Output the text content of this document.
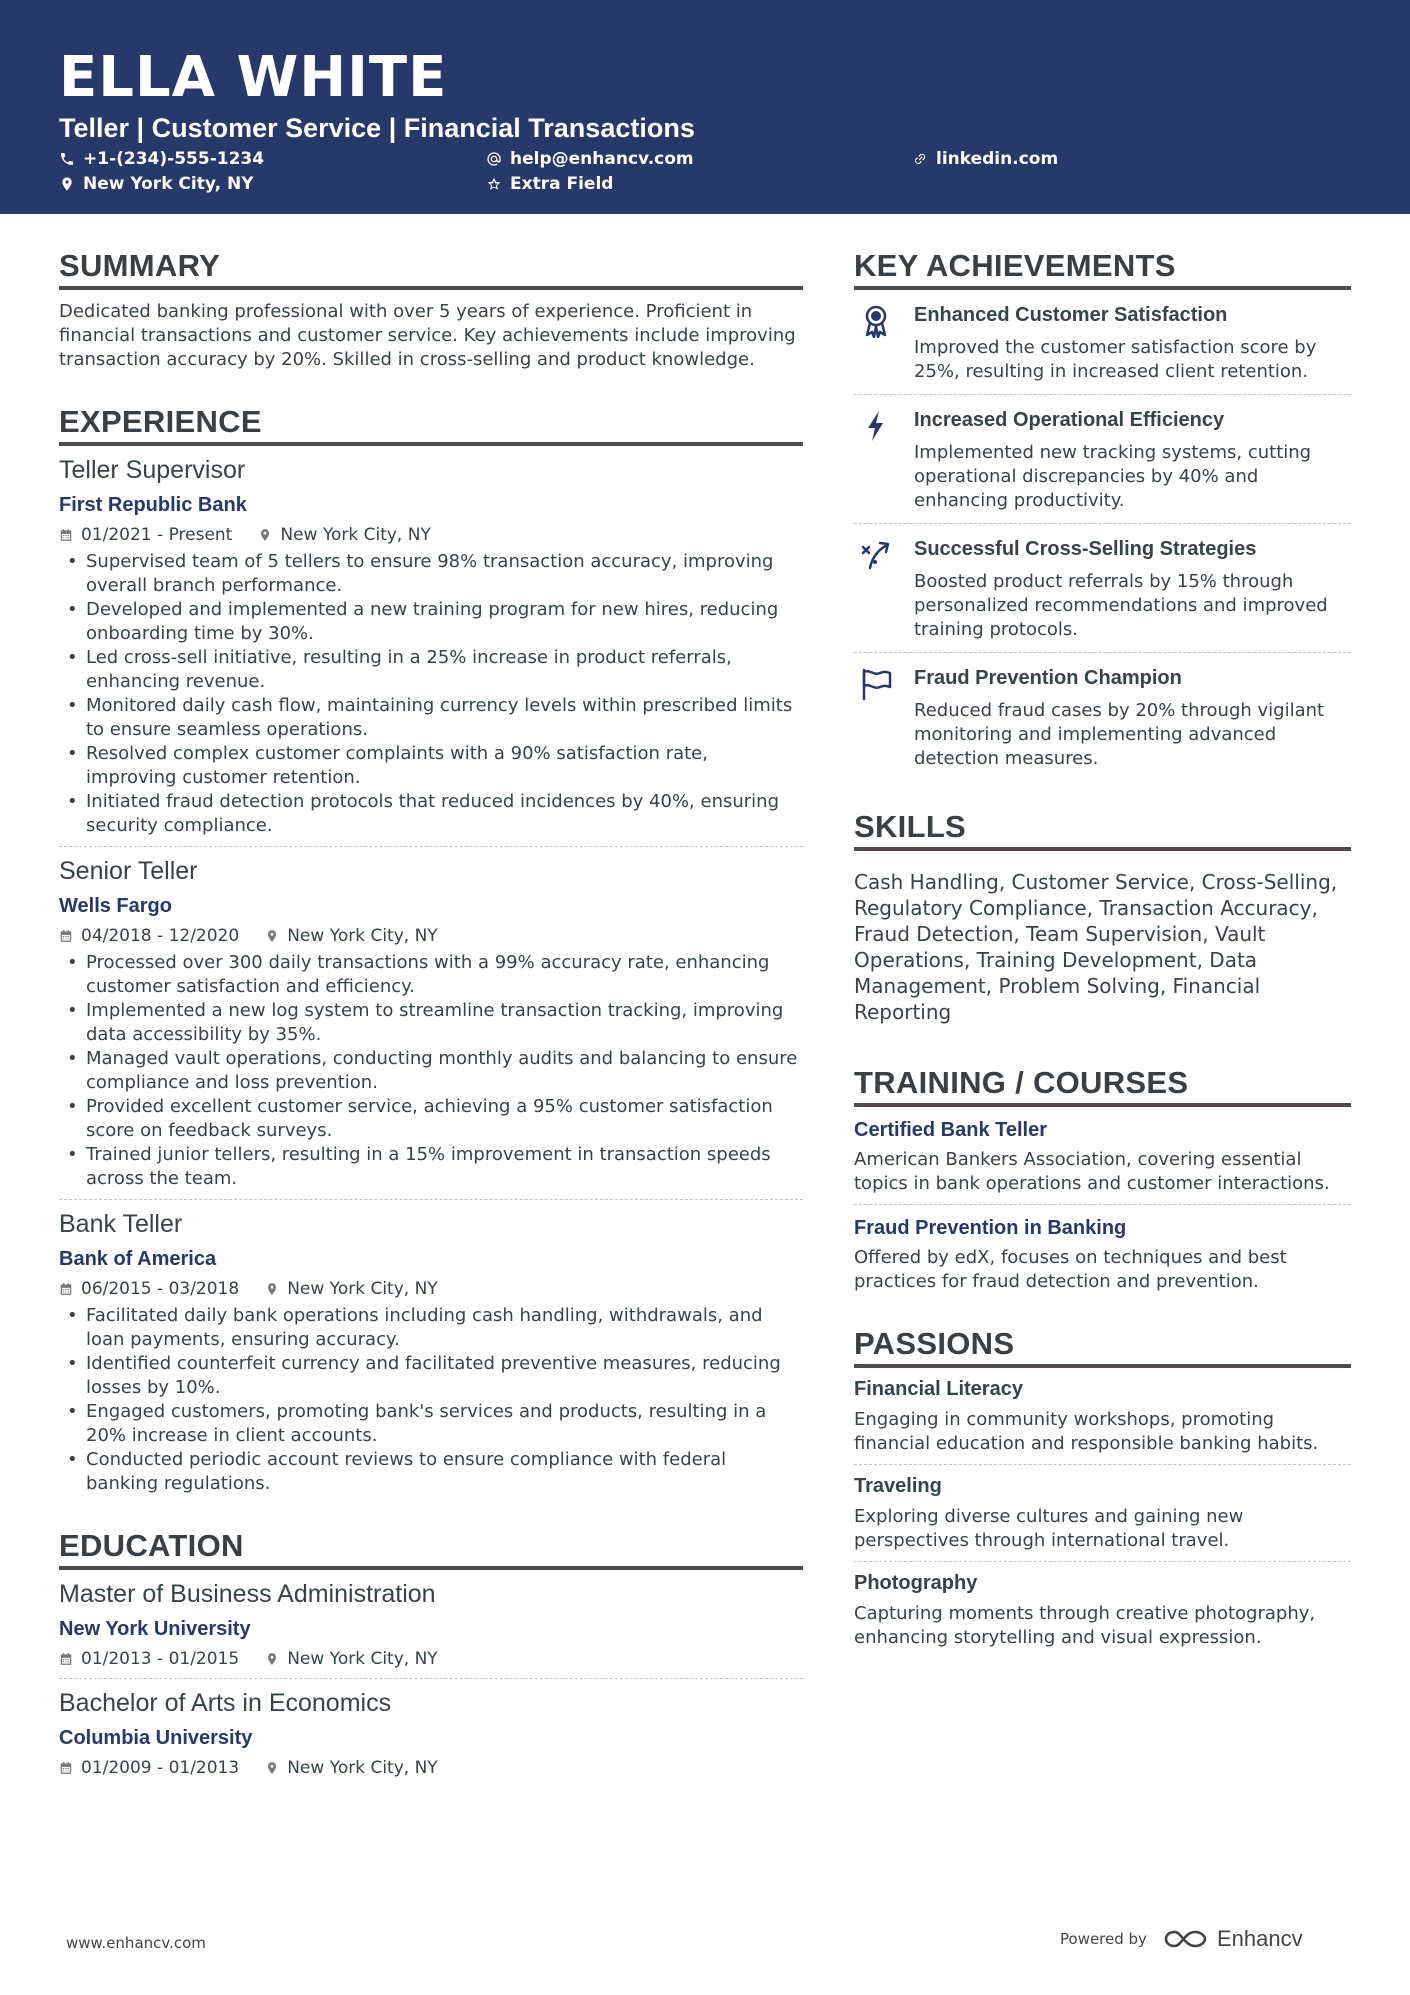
ELLA WHITE
Teller | Customer Service | Financial Transactions
+1-(234)-555-1234	help@enhancv.com	linkedin.com
New York City, NY	Extra Field
SUMMARY
Dedicated banking professional with over 5 years of experience. Proficient in financial transactions and customer service. Key achievements include improving transaction accuracy by 20%. Skilled in cross-selling and product knowledge.
EXPERIENCE
Teller Supervisor
First Republic Bank
01/2021 - Present	New York City, NY
• Supervised team of 5 tellers to ensure 98% transaction accuracy, improving overall branch performance.
• Developed and implemented a new training program for new hires, reducing onboarding time by 30%.
• Led cross-sell initiative, resulting in a 25% increase in product referrals, enhancing revenue.
• Monitored daily cash flow, maintaining currency levels within prescribed limits to ensure seamless operations.
• Resolved complex customer complaints with a 90% satisfaction rate, improving customer retention.
• Initiated fraud detection protocols that reduced incidences by 40%, ensuring security compliance.
Senior Teller
Wells Fargo
04/2018 - 12/2020	New York City, NY
• Processed over 300 daily transactions with a 99% accuracy rate, enhancing customer satisfaction and efficiency.
• Implemented a new log system to streamline transaction tracking, improving data accessibility by 35%.
• Managed vault operations, conducting monthly audits and balancing to ensure compliance and loss prevention.
• Provided excellent customer service, achieving a 95% customer satisfaction score on feedback surveys.
• Trained junior tellers, resulting in a 15% improvement in transaction speeds across the team.
Bank Teller
Bank of America
06/2015 - 03/2018	New York City, NY
• Facilitated daily bank operations including cash handling, withdrawals, and loan payments, ensuring accuracy.
• Identified counterfeit currency and facilitated preventive measures, reducing losses by 10%.
• Engaged customers, promoting bank's services and products, resulting in a 20% increase in client accounts.
• Conducted periodic account reviews to ensure compliance with federal banking regulations.
EDUCATION
Master of Business Administration
New York University
01/2013 - 01/2015	New York City, NY
Bachelor of Arts in Economics
Columbia University
01/2009 - 01/2013	New York City, NY
KEY ACHIEVEMENTS
Enhanced Customer Satisfaction
Improved the customer satisfaction score by 25%, resulting in increased client retention.
Increased Operational Efficiency
Implemented new tracking systems, cutting operational discrepancies by 40% and enhancing productivity.
Successful Cross-Selling Strategies
Boosted product referrals by 15% through personalized recommendations and improved training protocols.
Fraud Prevention Champion
Reduced fraud cases by 20% through vigilant monitoring and implementing advanced detection measures.
SKILLS
Cash Handling, Customer Service, Cross-Selling, Regulatory Compliance, Transaction Accuracy, Fraud Detection, Team Supervision, Vault Operations, Training Development, Data Management, Problem Solving, Financial Reporting
TRAINING / COURSES
Certified Bank Teller
American Bankers Association, covering essential topics in bank operations and customer interactions.
Fraud Prevention in Banking
Offered by edX, focuses on techniques and best practices for fraud detection and prevention.
PASSIONS
Financial Literacy
Engaging in community workshops, promoting financial education and responsible banking habits.
Traveling
Exploring diverse cultures and gaining new perspectives through international travel.
Photography
Capturing moments through creative photography, enhancing storytelling and visual expression.
www.enhancv.com	Powered by	Enhancv
